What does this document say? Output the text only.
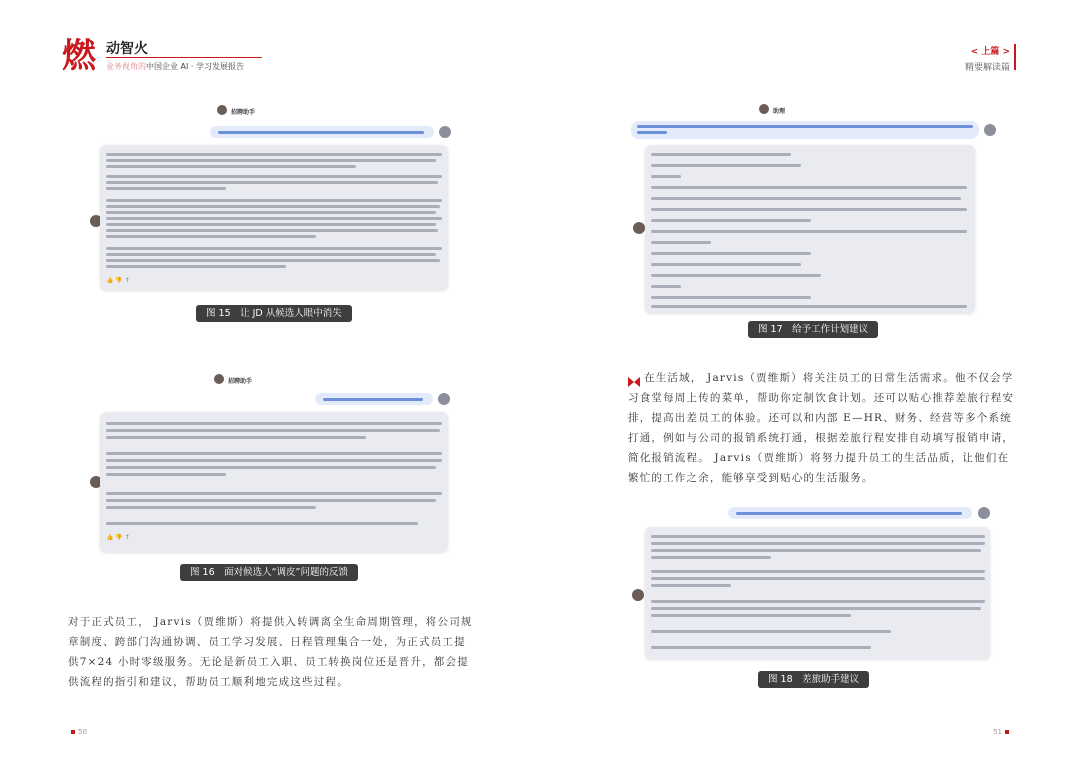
燃 动智火
业务视角的中国企业 AI · 学习发展报告
< 上篇 >
精要解读篇
招聘助手
👍 👎 ↑
图 15　让 JD 从候选人眼中消失
招聘助手
👍 👎 ↑
图 16　面对候选人“调皮”问题的反馈
对于正式员工， Jarvis（贾维斯）将提供入转调离全生命周期管理，将公司规章制度、跨部门沟通协调、员工学习发展、日程管理集合一处，为正式员工提供7×24 小时零级服务。无论是新员工入职、员工转换岗位还是晋升，都会提供流程的指引和建议，帮助员工顺利地完成这些过程。
助理
图 17　给予工作计划建议
在生活域， Jarvis（贾维斯）将关注员工的日常生活需求。他不仅会学习食堂每周上传的菜单，帮助你定制饮食计划。还可以贴心推荐差旅行程安排，提高出差员工的体验。还可以和内部 E—HR、财务、经营等多个系统打通，例如与公司的报销系统打通，根据差旅行程安排自动填写报销申请，简化报销流程。 Jarvis（贾维斯）将努力提升员工的生活品质，让他们在繁忙的工作之余，能够享受到贴心的生活服务。
图 18　差旅助手建议
50	51
